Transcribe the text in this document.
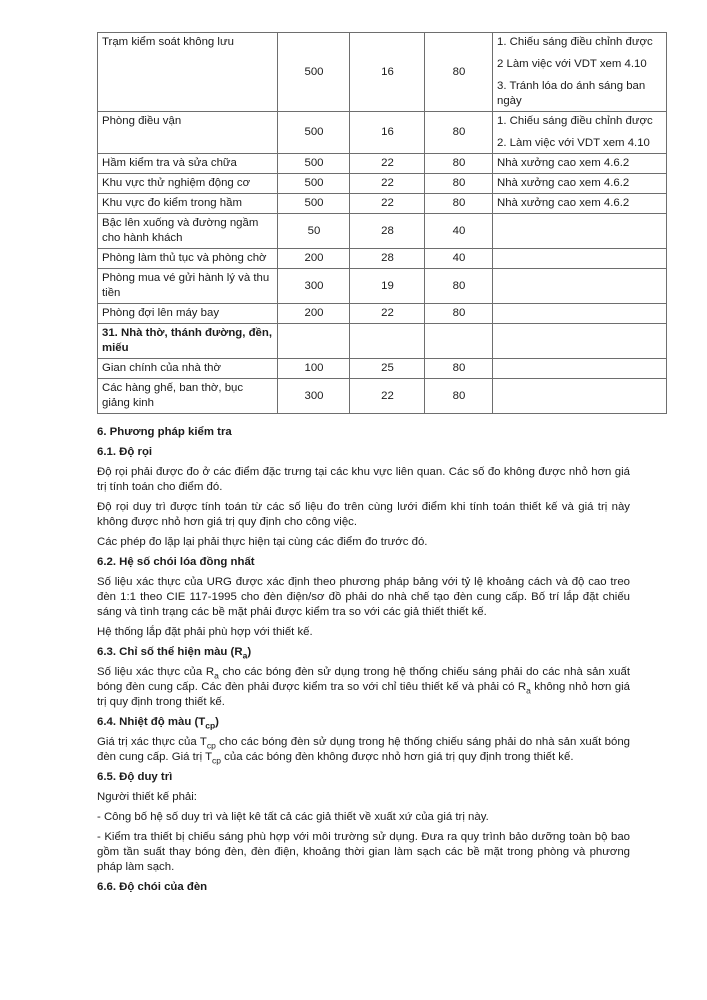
Trạm kiểm soát không lưu	500	16	80	1. Chiếu sáng điều chỉnh được

2 Làm việc với VDT xem 4.10

3. Tránh lóa do ánh sáng ban ngày

Phòng điều vận	500	16	80	1. Chiếu sáng điều chỉnh được

2. Làm việc với VDT xem 4.10

Hầm kiểm tra và sửa chữa	500	22	80	Nhà xưởng cao xem 4.6.2

Khu vực thử nghiệm động cơ	500	22	80	Nhà xưởng cao xem 4.6.2

Khu vực đo kiểm trong hầm	500	22	80	Nhà xưởng cao xem 4.6.2

Bậc lên xuống và đường ngầm cho hành khách	50	28	40	
Phòng làm thủ tục và phòng chờ	200	28	40	
Phòng mua vé gửi hành lý và thu tiền	300	19	80	
Phòng đợi lên máy bay	200	22	80	
31. Nhà thờ, thánh đường, đền, miếu				
Gian chính của nhà thờ	100	25	80	
Các hàng ghế, ban thờ, bục giảng kinh	300	22	80	
6. Phương pháp kiểm tra
6.1. Độ rọi

Độ rọi phải được đo ở các điểm đặc trưng tại các khu vực liên quan. Các số đo không được nhỏ hơn giá trị tính toán cho điểm đó.

Độ rọi duy trì được tính toán từ các số liệu đo trên cùng lưới điểm khi tính toán thiết kế và giá trị này không được nhỏ hơn giá trị quy định cho công việc.

Các phép đo lặp lại phải thực hiện tại cùng các điểm đo trước đó.

6.2. Hệ số chói lóa đồng nhất

Số liệu xác thực của URG được xác định theo phương pháp bảng với tỷ lệ khoảng cách và độ cao treo đèn 1:1 theo CIE 117-1995 cho đèn điện/sơ đồ phải do nhà chế tạo đèn cung cấp. Bố trí lắp đặt chiếu sáng và tình trạng các bề mặt phải được kiểm tra so với các giả thiết thiết kế.

Hệ thống lắp đặt phải phù hợp với thiết kế.

6.3. Chỉ số thể hiện màu $(R_a)$

Số liệu xác thực của $R_a$ cho các bóng đèn sử dụng trong hệ thống chiếu sáng phải do các nhà sản xuất bóng đèn cung cấp. Các đèn phải được kiểm tra so với chỉ tiêu thiết kế và phải có $R_a$ không nhỏ hơn giá trị quy định trong thiết kế.

6.4. Nhiệt độ màu $(T_{cp})$

Giá trị xác thực của $T_{cp}$ cho các bóng đèn sử dụng trong hệ thống chiếu sáng phải do nhà sản xuất bóng đèn cung cấp. Giá trị $T_{cp}$ của các bóng đèn không được nhỏ hơn giá trị quy định trong thiết kế.

6.5. Độ duy trì

Người thiết kế phải:

- Công bố hệ số duy trì và liệt kê tất cả các giả thiết về xuất xứ của giá trị này.

- Kiểm tra thiết bị chiếu sáng phù hợp với môi trường sử dụng. Đưa ra quy trình bảo dưỡng toàn bộ bao gồm tần suất thay bóng đèn, đèn điện, khoảng thời gian làm sạch các bề mặt trong phòng và phương pháp làm sạch.

6.6. Độ chói của đèn
